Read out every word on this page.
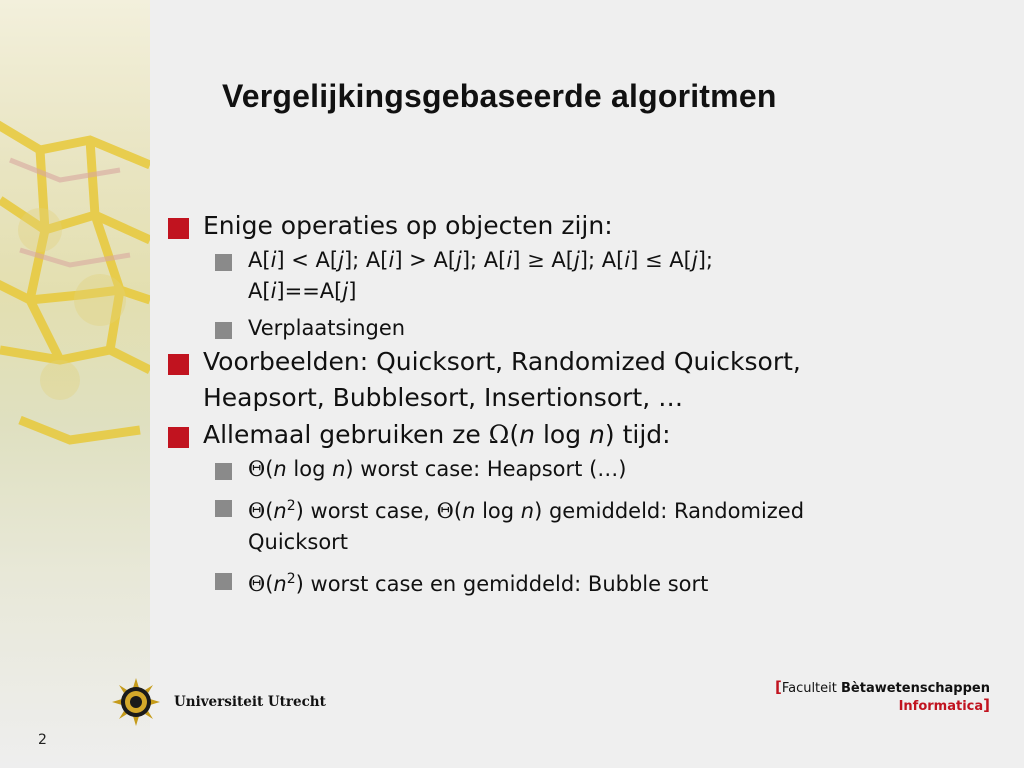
Vergelijkingsgebaseerde algoritmen
Enige operaties op objecten zijn:
A[i] < A[j]; A[i] > A[j]; A[i] ≥ A[j]; A[i] ≤ A[j];
A[i]==A[j]
Verplaatsingen
Voorbeelden: Quicksort, Randomized Quicksort,
Heapsort, Bubblesort, Insertionsort, …
Allemaal gebruiken ze Ω(n log n) tijd:
Θ(n log n) worst case: Heapsort (…)
$\Theta(n^2)$ worst case, Θ(n log n) gemiddeld: Randomized
Quicksort
$\Theta(n^2)$ worst case en gemiddeld: Bubble sort
Universiteit Utrecht
[Faculteit Bètawetenschappen
Informatica]
2
